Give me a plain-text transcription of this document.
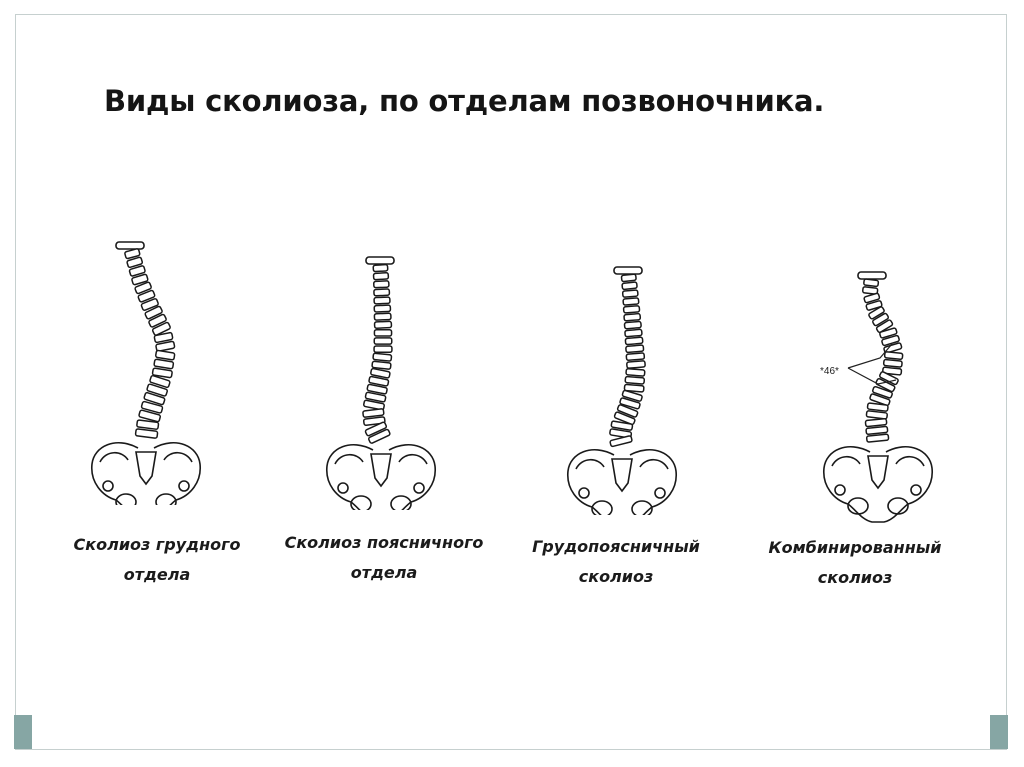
Виды сколиоза, по отделам позвоночника.
*46*
Сколиоз грудного
отдела
Сколиоз поясничного
отдела
Грудопоясничный
сколиоз
Комбинированный
сколиоз
